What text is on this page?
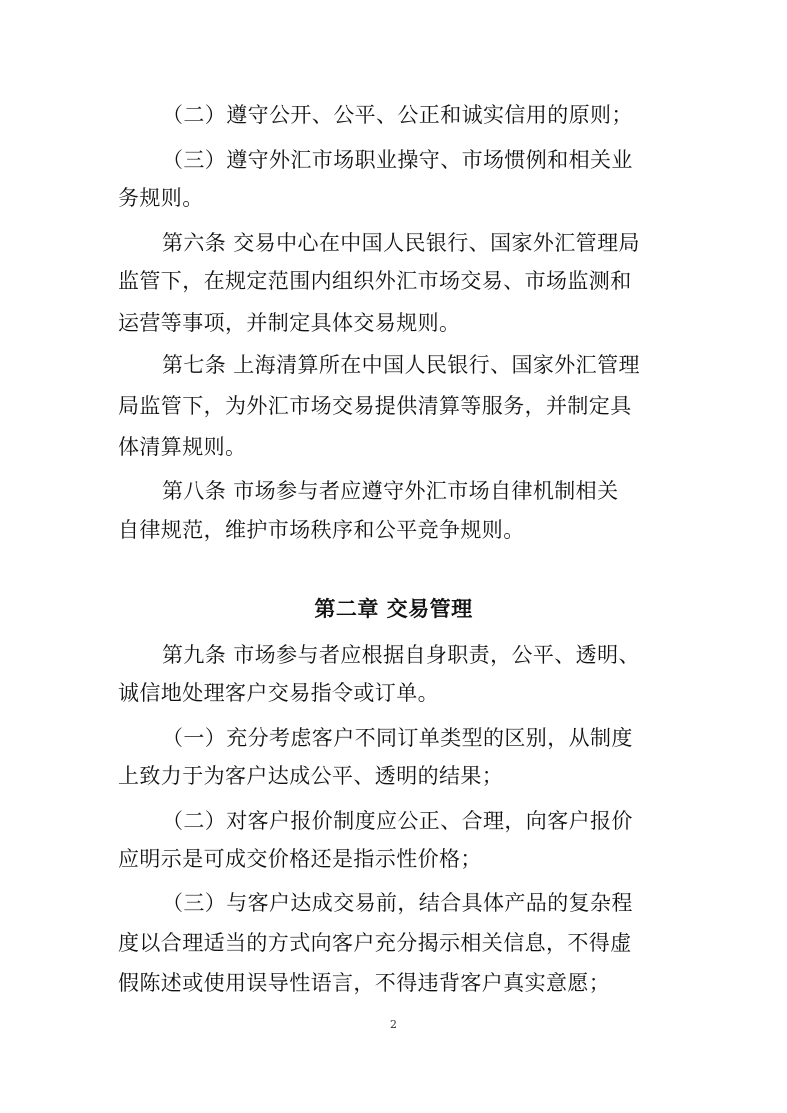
（二）遵守公开、公平、公正和诚实信用的原则；
（三）遵守外汇市场职业操守、市场惯例和相关业
务规则。
第六条 交易中心在中国人民银行、国家外汇管理局
监管下，在规定范围内组织外汇市场交易、市场监测和
运营等事项，并制定具体交易规则。
第七条 上海清算所在中国人民银行、国家外汇管理
局监管下，为外汇市场交易提供清算等服务，并制定具
体清算规则。
第八条 市场参与者应遵守外汇市场自律机制相关
自律规范，维护市场秩序和公平竞争规则。
第二章 交易管理
第九条 市场参与者应根据自身职责，公平、透明、
诚信地处理客户交易指令或订单。
（一）充分考虑客户不同订单类型的区别，从制度
上致力于为客户达成公平、透明的结果；
（二）对客户报价制度应公正、合理，向客户报价
应明示是可成交价格还是指示性价格；
（三）与客户达成交易前，结合具体产品的复杂程
度以合理适当的方式向客户充分揭示相关信息，不得虚
假陈述或使用误导性语言，不得违背客户真实意愿；
2
